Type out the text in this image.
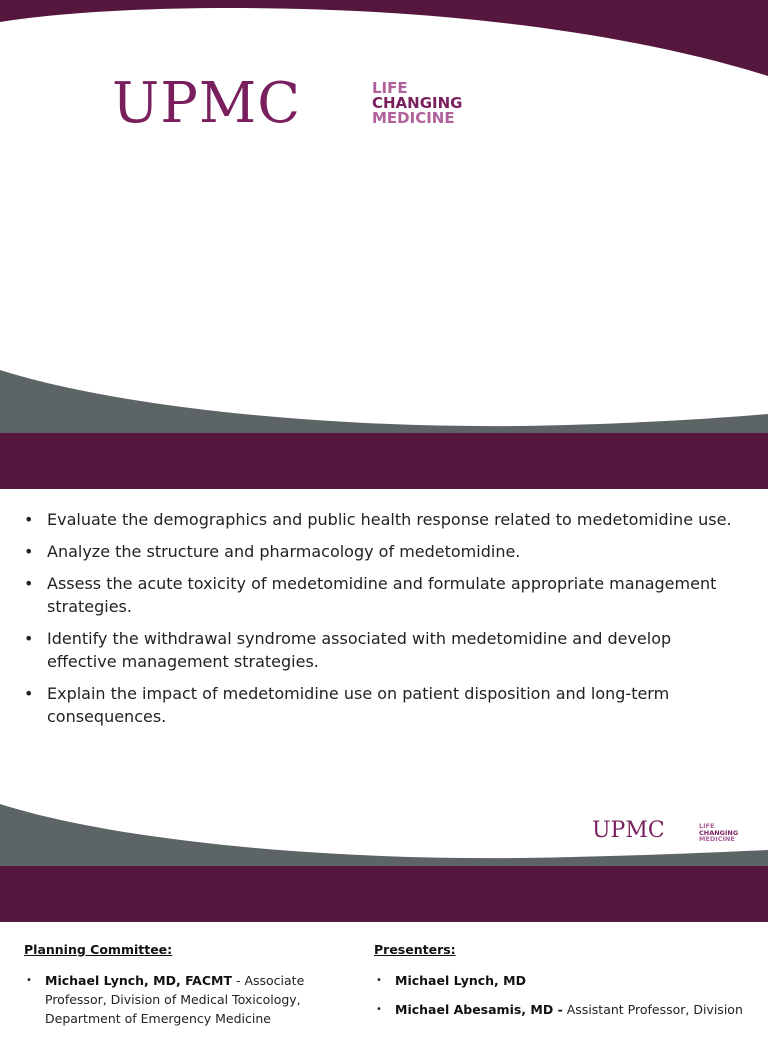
UPMC	LIFE
CHANGING
MEDICINE
• Evaluate the demographics and public health response related to medetomidine use.
• Analyze the structure and pharmacology of medetomidine.
• Assess the acute toxicity of medetomidine and formulate appropriate management strategies.
• Identify the withdrawal syndrome associated with medetomidine and develop effective management strategies.
• Explain the impact of medetomidine use on patient disposition and long-term consequences.
UPMC	LIFE
CHANGING
MEDICINE
Planning Committee:
• Michael Lynch, MD, FACMT - Associate Professor, Division of Medical Toxicology, Department of Emergency Medicine
Presenters:
• Michael Lynch, MD
• Michael Abesamis, MD - Assistant Professor, Division
